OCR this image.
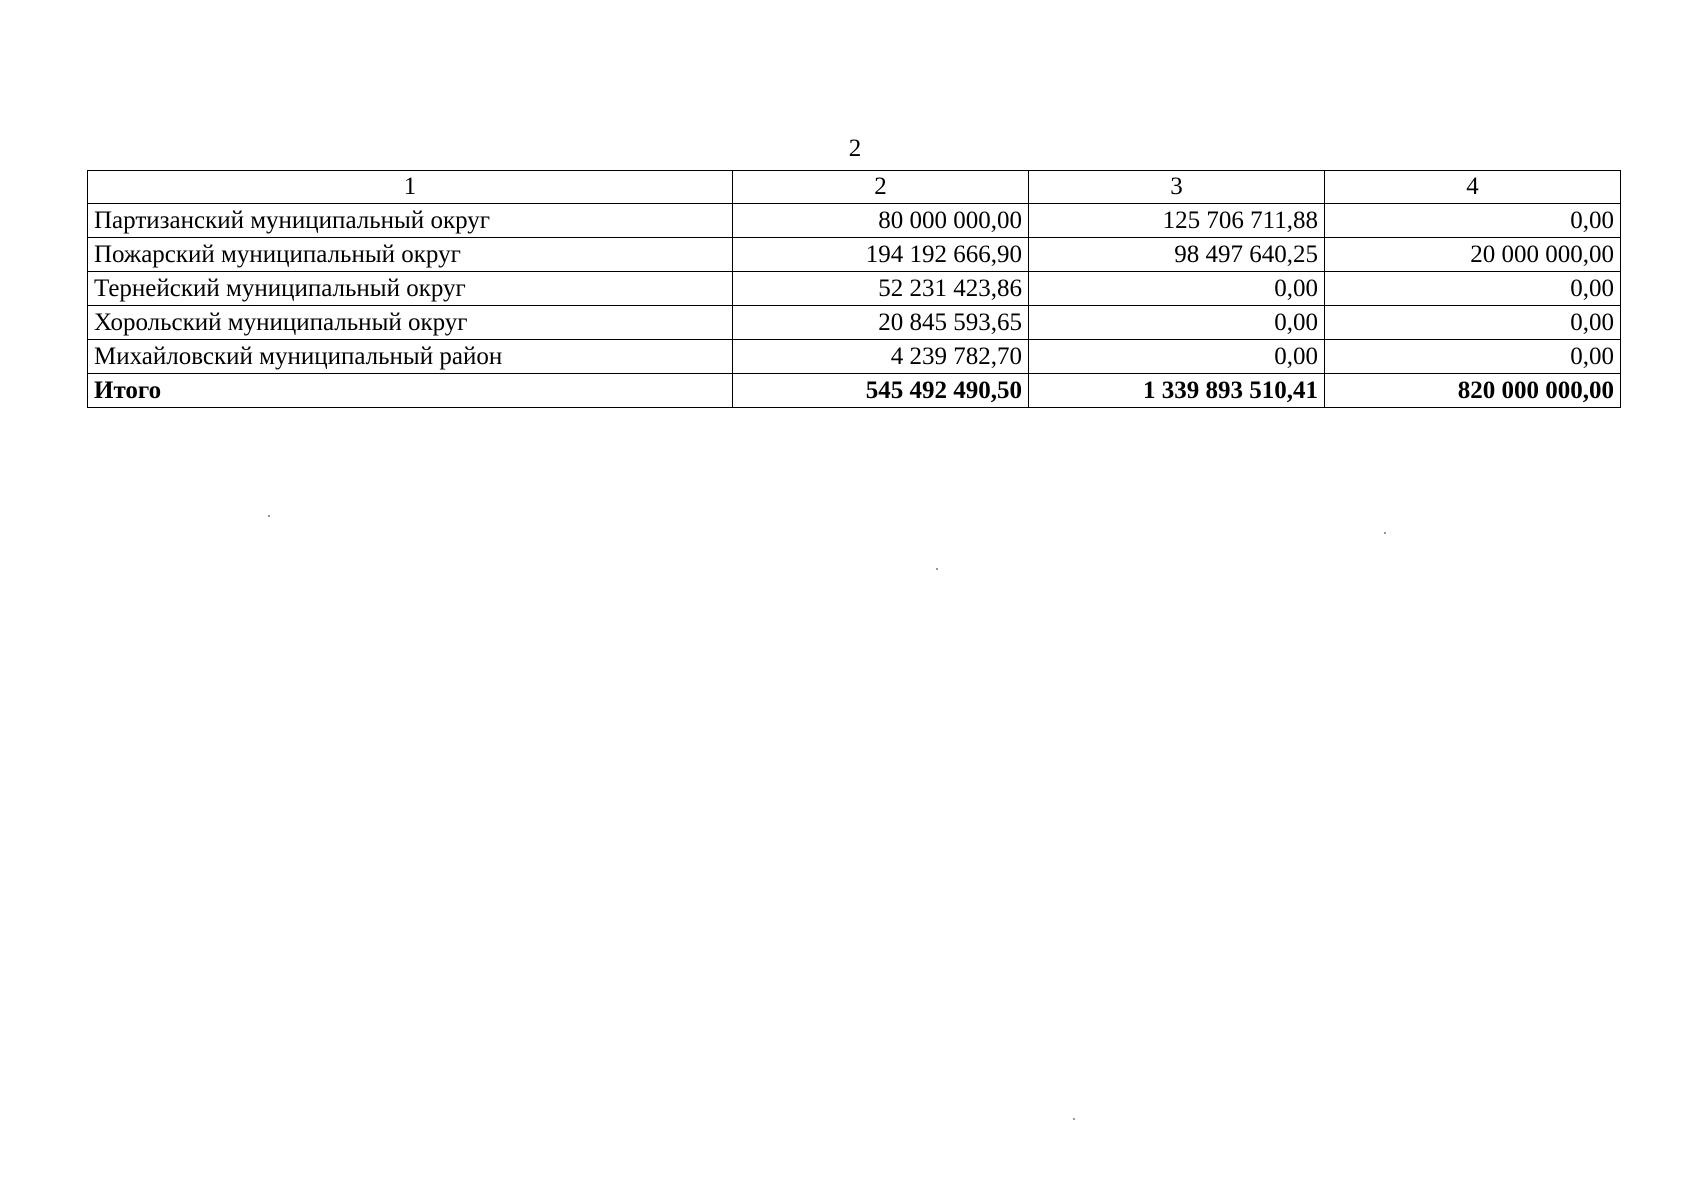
2
1	2	3	4
Партизанский муниципальный округ	80 000 000,00	125 706 711,88	0,00
Пожарский муниципальный округ	194 192 666,90	98 497 640,25	20 000 000,00
Тернейский муниципальный округ	52 231 423,86	0,00	0,00
Хорольский муниципальный округ	20 845 593,65	0,00	0,00
Михайловский муниципальный район	4 239 782,70	0,00	0,00
Итого	545 492 490,50	1 339 893 510,41	820 000 000,00
